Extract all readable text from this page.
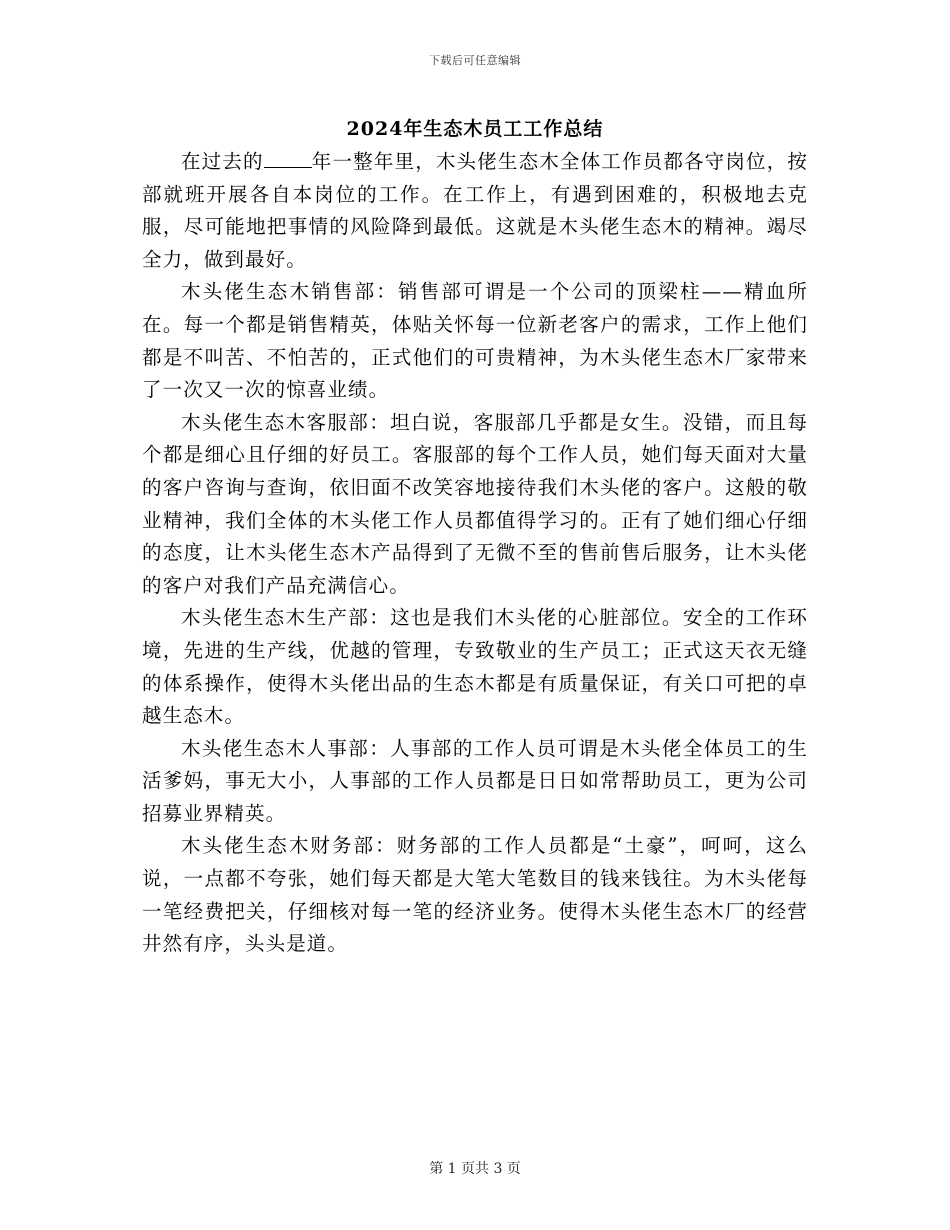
下载后可任意编辑
2024年生态木员工工作总结

在过去的 年一整年里，木头佬生态木全体工作员都各守岗位，按部就班开展各自本岗位的工作。在工作上，有遇到困难的，积极地去克服，尽可能地把事情的风险降到最低。这就是木头佬生态木的精神。竭尽全力，做到最好。

木头佬生态木销售部：销售部可谓是一个公司的顶梁柱——精血所在。每一个都是销售精英，体贴关怀每一位新老客户的需求，工作上他们都是不叫苦、不怕苦的，正式他们的可贵精神，为木头佬生态木厂家带来了一次又一次的惊喜业绩。

木头佬生态木客服部：坦白说，客服部几乎都是女生。没错，而且每个都是细心且仔细的好员工。客服部的每个工作人员，她们每天面对大量的客户咨询与查询，依旧面不改笑容地接待我们木头佬的客户。这般的敬业精神，我们全体的木头佬工作人员都值得学习的。正有了她们细心仔细的态度，让木头佬生态木产品得到了无微不至的售前售后服务，让木头佬的客户对我们产品充满信心。

木头佬生态木生产部：这也是我们木头佬的心脏部位。安全的工作环境，先进的生产线，优越的管理，专致敬业的生产员工；正式这天衣无缝的体系操作，使得木头佬出品的生态木都是有质量保证，有关口可把的卓越生态木。

木头佬生态木人事部：人事部的工作人员可谓是木头佬全体员工的生活爹妈，事无大小，人事部的工作人员都是日日如常帮助员工，更为公司招募业界精英。

木头佬生态木财务部：财务部的工作人员都是“土豪”，呵呵，这么说，一点都不夸张，她们每天都是大笔大笔数目的钱来钱往。为木头佬每一笔经费把关，仔细核对每一笔的经济业务。使得木头佬生态木厂的经营井然有序，头头是道。

第 1 页共 3 页
